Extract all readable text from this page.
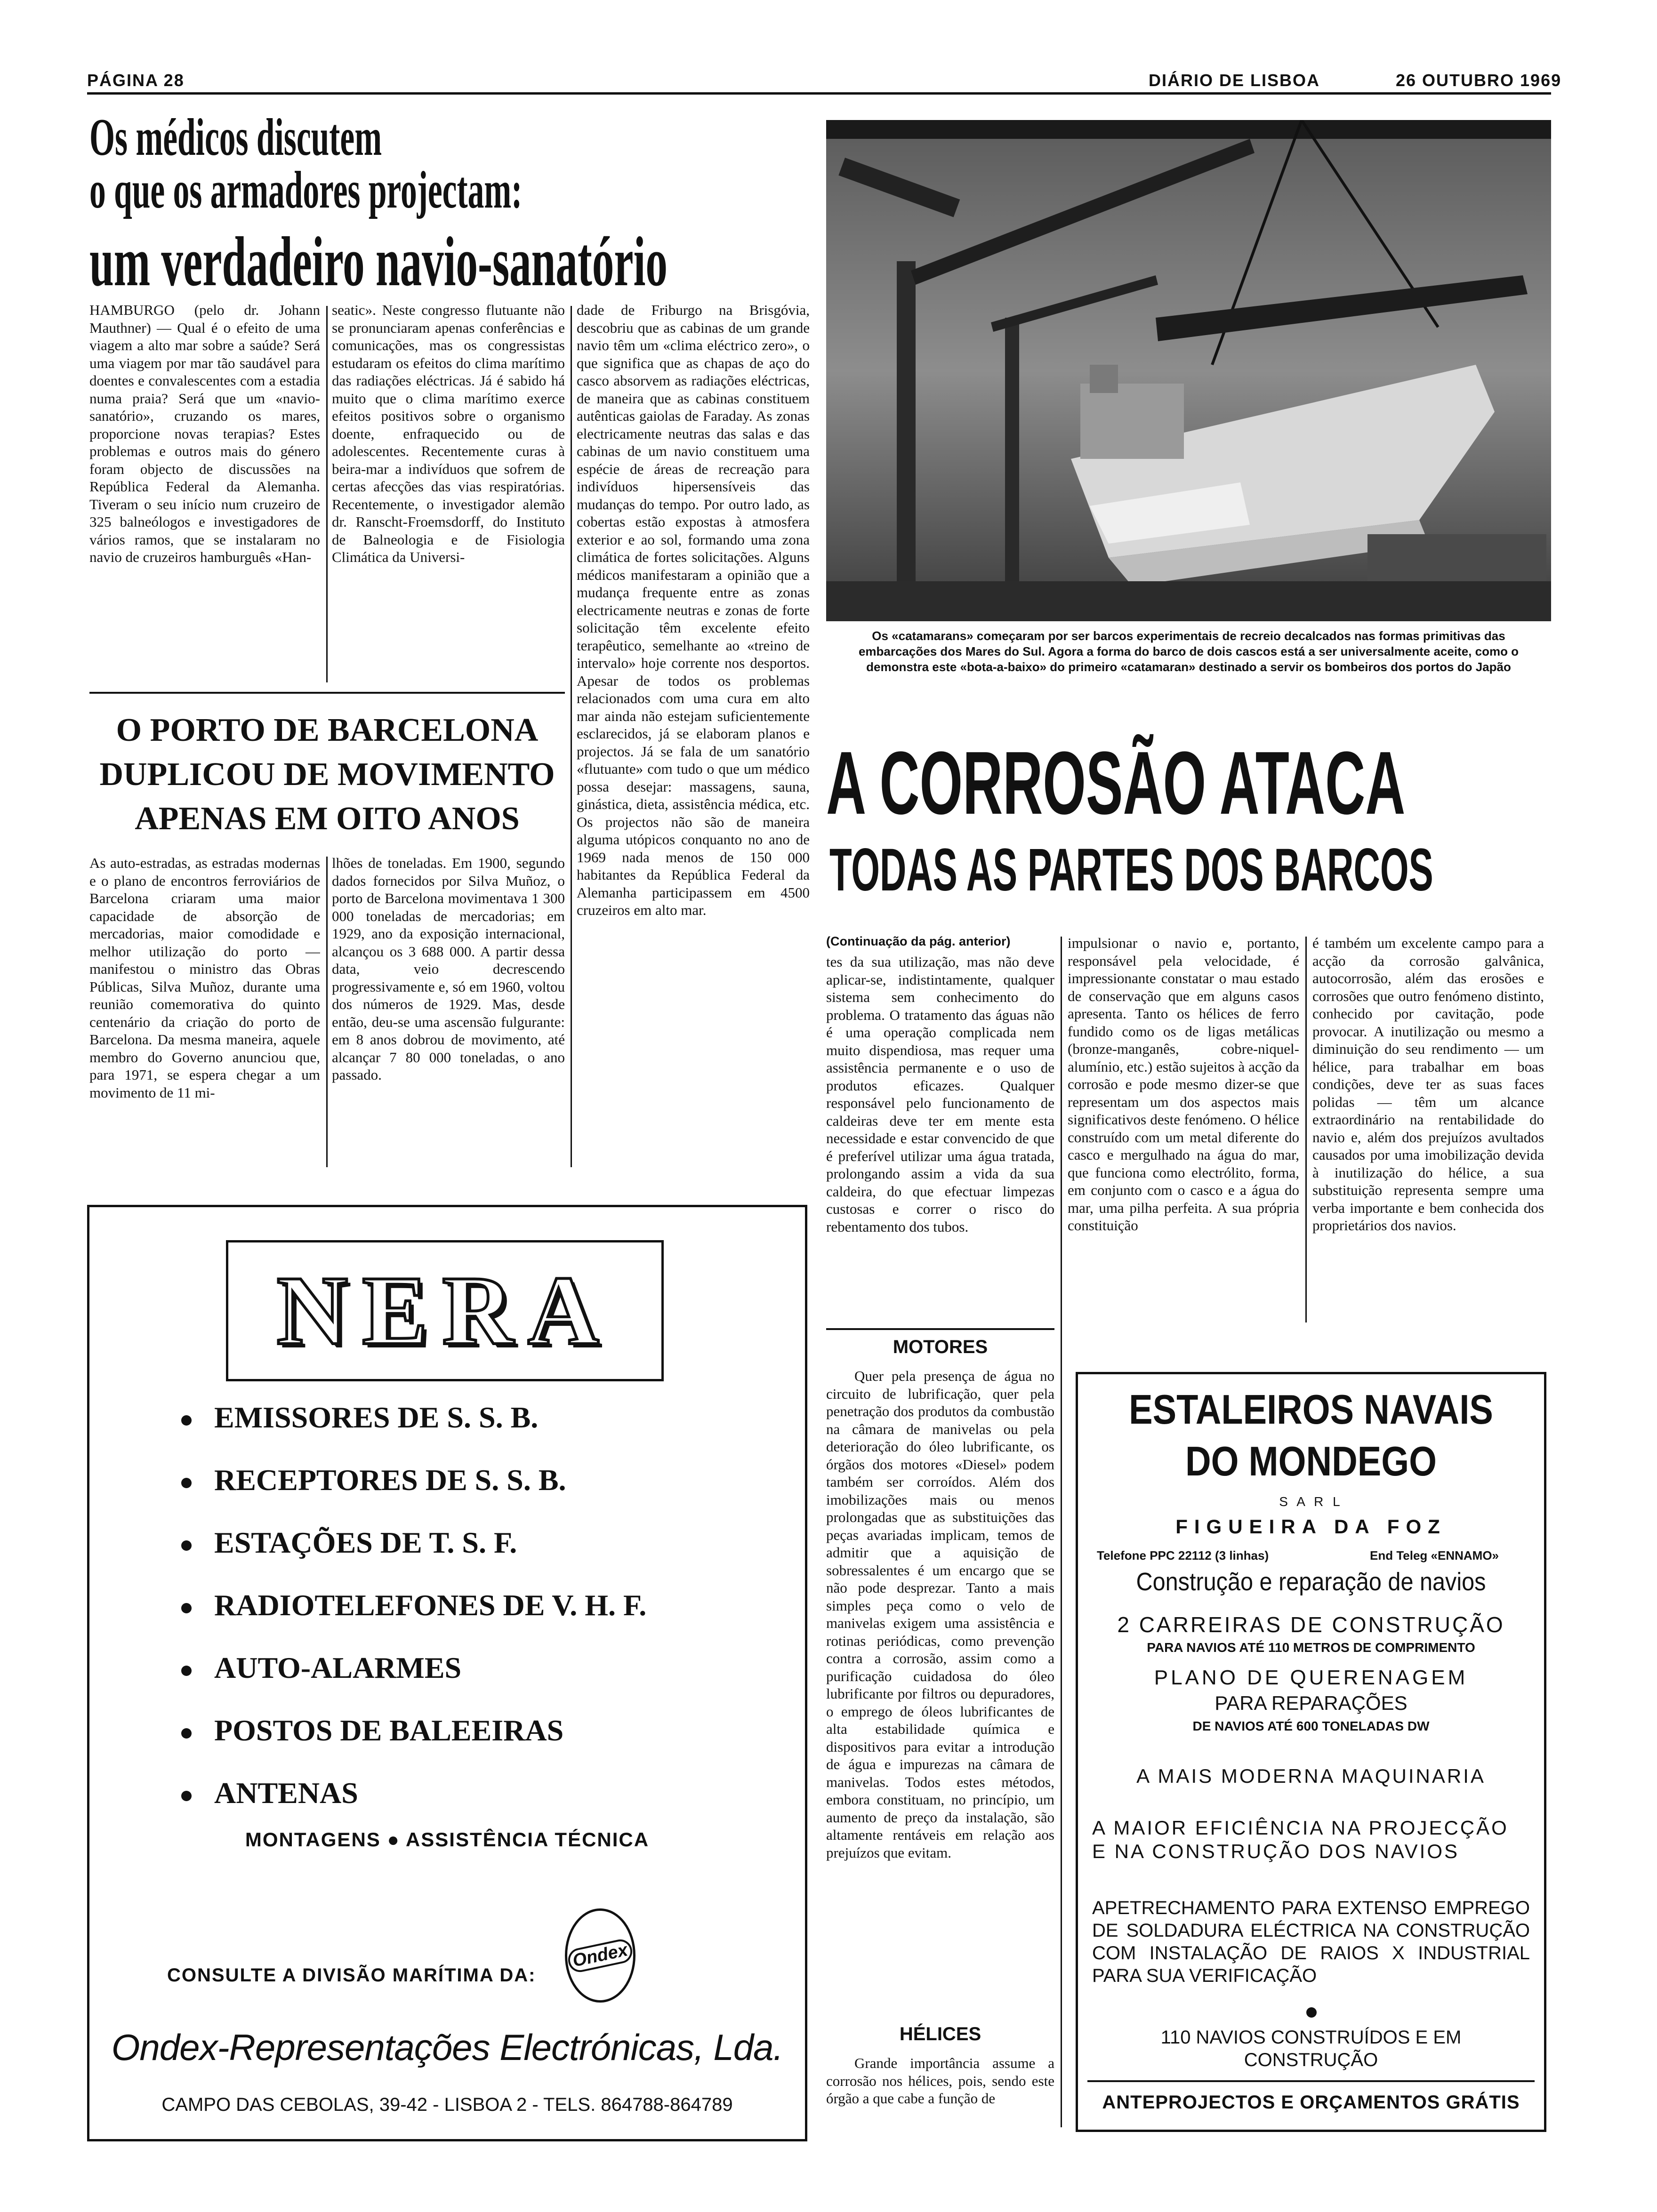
PÁGINA 28	DIÁRIO DE LISBOA	26 OUTUBRO 1969
Os médicos discutem
o que os armadores projectam:
um verdadeiro navio-sanatório

HAMBURGO (pelo dr. Johann Mauthner) — Qual é o efeito de uma viagem a alto mar sobre a saúde? Será uma viagem por mar tão saudável para doentes e convalescentes com a estadia numa praia? Será que um «navio-sanatório», cruzando os mares, proporcione novas terapias? Estes problemas e outros mais do género foram objecto de discussões na República Federal da Alemanha. Tiveram o seu início num cruzeiro de 325 balneólogos e investigadores de vários ramos, que se instalaram no navio de cruzeiros hamburguês «Han-

seatic». Neste congresso flutuante não se pronunciaram apenas conferências e comunicações, mas os congressistas estudaram os efeitos do clima marítimo das radiações eléctricas. Já é sabido há muito que o clima marítimo exerce efeitos positivos sobre o organismo doente, enfraquecido ou de adolescentes. Recentemente curas à beira-mar a indivíduos que sofrem de certas afecções das vias respiratórias. Recentemente, o investigador alemão dr. Ranscht-Froemsdorff, do Instituto de Balneologia e de Fisiologia Climática da Universi-

dade de Friburgo na Brisgóvia, descobriu que as cabinas de um grande navio têm um «clima eléctrico zero», o que significa que as chapas de aço do casco absorvem as radiações eléctricas, de maneira que as cabinas constituem autênticas gaiolas de Faraday. As zonas electricamente neutras das salas e das cabinas de um navio constituem uma espécie de áreas de recreação para indivíduos hipersensíveis das mudanças do tempo. Por outro lado, as cobertas estão expostas à atmosfera exterior e ao sol, formando uma zona climática de fortes solicitações. Alguns médicos manifestaram a opinião que a mudança frequente entre as zonas electricamente neutras e zonas de forte solicitação têm excelente efeito terapêutico, semelhante ao «treino de intervalo» hoje corrente nos desportos. Apesar de todos os problemas relacionados com uma cura em alto mar ainda não estejam suficientemente esclarecidos, já se elaboram planos e projectos. Já se fala de um sanatório «flutuante» com tudo o que um médico possa desejar: massagens, sauna, ginástica, dieta, assistência médica, etc. Os projectos não são de maneira alguma utópicos conquanto no ano de 1969 nada menos de 150 000 habitantes da República Federal da Alemanha participassem em 4500 cruzeiros em alto mar.

O PORTO DE BARCELONA
DUPLICOU DE MOVIMENTO
APENAS EM OITO ANOS

As auto-estradas, as estradas modernas e o plano de encontros ferroviários de Barcelona criaram uma maior capacidade de absorção de mercadorias, maior comodidade e melhor utilização do porto — manifestou o ministro das Obras Públicas, Silva Muñoz, durante uma reunião comemorativa do quinto centenário da criação do porto de Barcelona. Da mesma maneira, aquele membro do Governo anunciou que, para 1971, se espera chegar a um movimento de 11 mi-

lhões de toneladas. Em 1900, segundo dados fornecidos por Silva Muñoz, o porto de Barcelona movimentava 1 300 000 toneladas de mercadorias; em 1929, ano da exposição internacional, alcançou os 3 688 000. A partir dessa data, veio decrescendo progressivamente e, só em 1960, voltou dos números de 1929. Mas, desde então, deu-se uma ascensão fulgurante: em 8 anos dobrou de movimento, até alcançar 7 80 000 toneladas, o ano passado.

Os «catamarans» começaram por ser barcos experimentais de recreio decalcados nas formas primitivas das embarcações dos Mares do Sul. Agora a forma do barco de dois cascos está a ser universalmente aceite, como o demonstra este «bota-a-baixo» do primeiro «catamaran» destinado a servir os bombeiros dos portos do Japão
A CORROSÃO ATACA
TODAS AS PARTES DOS BARCOS
(Continuação da pág. anterior)

tes da sua utilização, mas não deve aplicar-se, indistintamente, qualquer sistema sem conhecimento do problema. O tratamento das águas não é uma operação complicada nem muito dispendiosa, mas requer uma assistência permanente e o uso de produtos eficazes. Qualquer responsável pelo funcionamento de caldeiras deve ter em mente esta necessidade e estar convencido de que é preferível utilizar uma água tratada, prolongando assim a vida da sua caldeira, do que efectuar limpezas custosas e correr o risco do rebentamento dos tubos.

MOTORES

Quer pela presença de água no circuito de lubrificação, quer pela penetração dos produtos da combustão na câmara de manivelas ou pela deterioração do óleo lubrificante, os órgãos dos motores «Diesel» podem também ser corroídos. Além dos imobilizações mais ou menos prolongadas que as substituições das peças avariadas implicam, temos de admitir que a aquisição de sobressalentes é um encargo que se não pode desprezar. Tanto a mais simples peça como o velo de manivelas exigem uma assistência e rotinas periódicas, como prevenção contra a corrosão, assim como a purificação cuidadosa do óleo lubrificante por filtros ou depuradores, o emprego de óleos lubrificantes de alta estabilidade química e dispositivos para evitar a introdução de água e impurezas na câmara de manivelas. Todos estes métodos, embora constituam, no princípio, um aumento de preço da instalação, são altamente rentáveis em relação aos prejuízos que evitam.

HÉLICES

Grande importância assume a corrosão nos hélices, pois, sendo este órgão a que cabe a função de

impulsionar o navio e, portanto, responsável pela velocidade, é impressionante constatar o mau estado de conservação que em alguns casos apresenta. Tanto os hélices de ferro fundido como os de ligas metálicas (bronze-manganês, cobre-niquel-alumínio, etc.) estão sujeitos à acção da corrosão e pode mesmo dizer-se que representam um dos aspectos mais significativos deste fenómeno. O hélice construído com um metal diferente do casco e mergulhado na água do mar, que funciona como electrólito, forma, em conjunto com o casco e a água do mar, uma pilha perfeita. A sua própria constituição

é também um excelente campo para a acção da corrosão galvânica, autocorrosão, além das erosões e corrosões que outro fenómeno distinto, conhecido por cavitação, pode provocar. A inutilização ou mesmo a diminuição do seu rendimento — um hélice, para trabalhar em boas condições, deve ter as suas faces polidas — têm um alcance extraordinário na rentabilidade do navio e, além dos prejuízos avultados causados por uma imobilização devida à inutilização do hélice, a sua substituição representa sempre uma verba importante e bem conhecida dos proprietários dos navios.

NERA
EMISSORES DE S. S. B.
RECEPTORES DE S. S. B.
ESTAÇÕES DE T. S. F.
RADIOTELEFONES DE V. H. F.
AUTO-ALARMES
POSTOS DE BALEEIRAS
ANTENAS
MONTAGENS ● ASSISTÊNCIA TÉCNICA
CONSULTE A DIVISÃO MARÍTIMA DA:
Ondex
Ondex-Representações Electrónicas, Lda.
CAMPO DAS CEBOLAS, 39-42 - LISBOA 2 - TELS. 864788-864789
ESTALEIROS NAVAIS
DO MONDEGO
S A R L
FIGUEIRA DA FOZ
Telefone PPC 22112 (3 linhas)	End Teleg «ENNAMO»
Construção e reparação de navios
2 CARREIRAS DE CONSTRUÇÃO
PARA NAVIOS ATÉ 110 METROS DE COMPRIMENTO
PLANO DE QUERENAGEM
PARA REPARAÇÕES
DE NAVIOS ATÉ 600 TONELADAS DW
A MAIS MODERNA MAQUINARIA
A MAIOR EFICIÊNCIA NA PROJECÇÃO
E NA CONSTRUÇÃO DOS NAVIOS
APETRECHAMENTO PARA EXTENSO EMPREGO DE SOLDADURA ELÉCTRICA NA CONSTRUÇÃO COM INSTALAÇÃO DE RAIOS X INDUSTRIAL PARA SUA VERIFICAÇÃO
110 NAVIOS CONSTRUÍDOS E EM CONSTRUÇÃO
ANTEPROJECTOS E ORÇAMENTOS GRÁTIS
